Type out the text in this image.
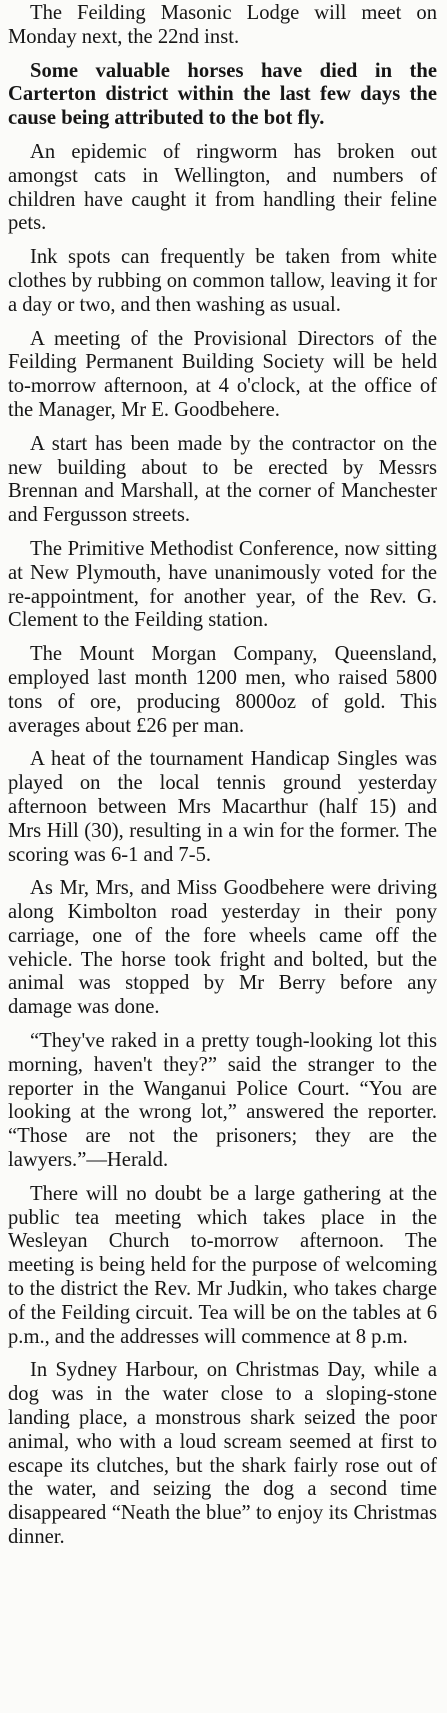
The Feilding Masonic Lodge will meet on Monday next, the 22nd inst.

Some valuable horses have died in the Carterton district within the last few days the cause being attributed to the bot fly.

An epidemic of ringworm has broken out amongst cats in Wellington, and numbers of children have caught it from handling their feline pets.

Ink spots can frequently be taken from white clothes by rubbing on common tallow, leaving it for a day or two, and then washing as usual.

A meeting of the Provisional Directors of the Feilding Permanent Building Society will be held to-morrow afternoon, at 4 o'clock, at the office of the Manager, Mr E. Goodbehere.

A start has been made by the contractor on the new building about to be erected by Messrs Brennan and Marshall, at the corner of Manchester and Fergusson streets.

The Primitive Methodist Conference, now sitting at New Plymouth, have unanimously voted for the re-appointment, for another year, of the Rev. G. Clement to the Feilding station.

The Mount Morgan Company, Queensland, employed last month 1200 men, who raised 5800 tons of ore, producing 8000oz of gold. This averages about £26 per man.

A heat of the tournament Handicap Singles was played on the local tennis ground yesterday afternoon between Mrs Macarthur (half 15) and Mrs Hill (30), resulting in a win for the former. The scoring was 6-1 and 7-5.

As Mr, Mrs, and Miss Goodbehere were driving along Kimbolton road yesterday in their pony carriage, one of the fore wheels came off the vehicle. The horse took fright and bolted, but the animal was stopped by Mr Berry before any damage was done.

“They've raked in a pretty tough-looking lot this morning, haven't they?” said the stranger to the reporter in the Wanganui Police Court. “You are looking at the wrong lot,” answered the reporter. “Those are not the prisoners; they are the lawyers.”—Herald.

There will no doubt be a large gathering at the public tea meeting which takes place in the Wesleyan Church to-morrow afternoon. The meeting is being held for the purpose of welcoming to the district the Rev. Mr Judkin, who takes charge of the Feilding circuit. Tea will be on the tables at 6 p.m., and the addresses will commence at 8 p.m.

In Sydney Harbour, on Christmas Day, while a dog was in the water close to a sloping-stone landing place, a monstrous shark seized the poor animal, who with a loud scream seemed at first to escape its clutches, but the shark fairly rose out of the water, and seizing the dog a second time disappeared “Neath the blue” to enjoy its Christmas dinner.
